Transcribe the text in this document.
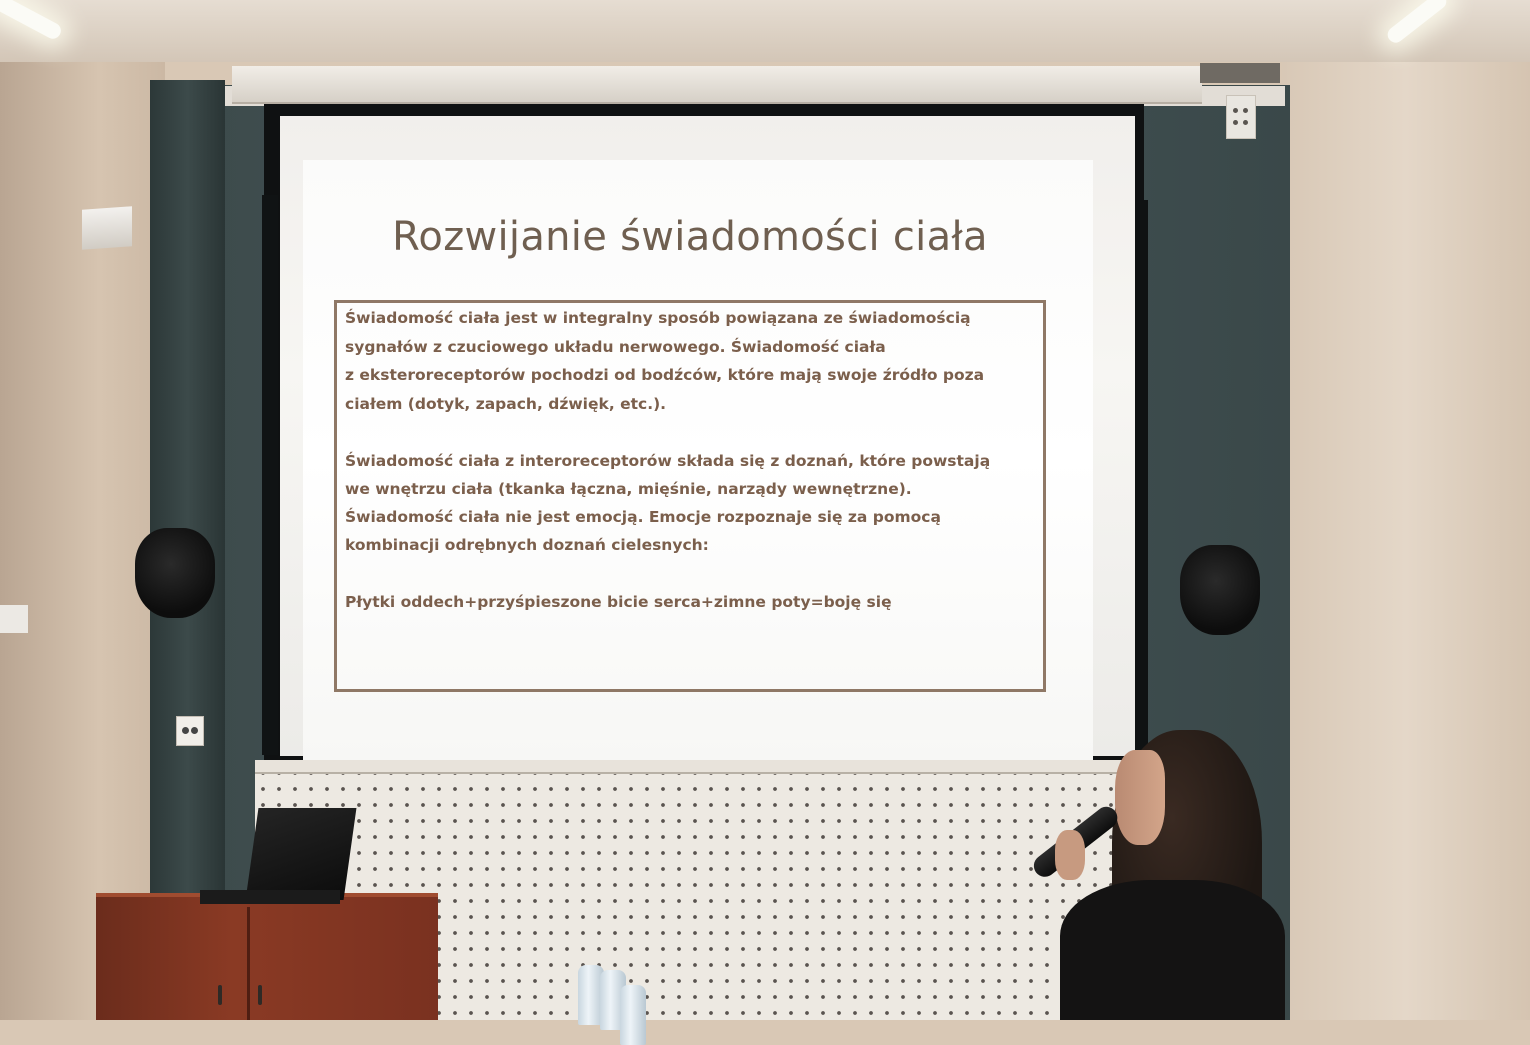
Rozwijanie świadomości ciała
Świadomość ciała jest w integralny sposób powiązana ze świadomością
sygnałów z czuciowego układu nerwowego. Świadomość ciała
z eksteroreceptorów pochodzi od bodźców, które mają swoje źródło poza
ciałem (dotyk, zapach, dźwięk, etc.).
Świadomość ciała z interoreceptorów składa się z doznań, które powstają
we wnętrzu ciała (tkanka łączna, mięśnie, narządy wewnętrzne).
Świadomość ciała nie jest emocją. Emocje rozpoznaje się za pomocą
kombinacji odrębnych doznań cielesnych:
Płytki oddech+przyśpieszone bicie serca+zimne poty=boję się
